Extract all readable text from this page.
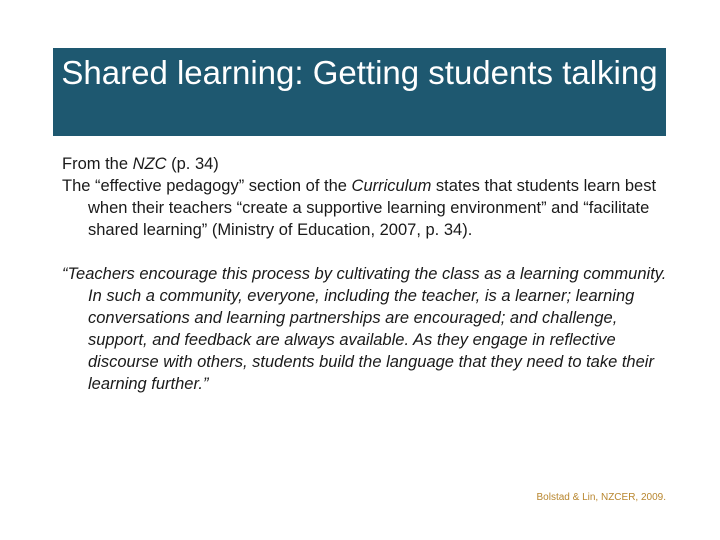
Shared learning: Getting students talking

From the NZC (p. 34)

The “effective pedagogy” section of the Curriculum states that students learn best when their teachers “create a supportive learning environment” and “facilitate shared learning” (Ministry of Education, 2007, p. 34).

“Teachers encourage this process by cultivating the class as a learning community. In such a community, everyone, including the teacher, is a learner; learning conversations and learning partnerships are encouraged; and challenge, support, and feedback are always available. As they engage in reflective discourse with others, students build the language that they need to take their learning further.”

Bolstad & Lin, NZCER, 2009.
